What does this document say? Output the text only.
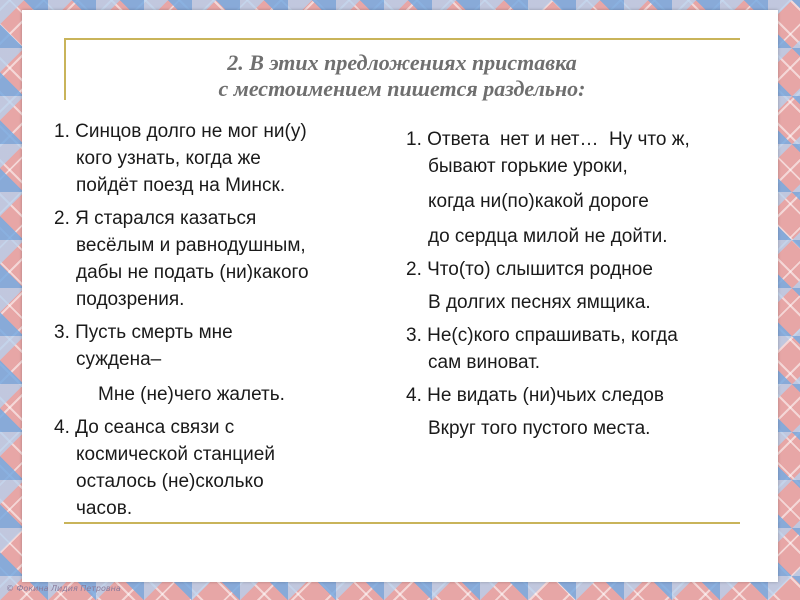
2. В этих предложениях приставка
с местоимением пишется раздельно:
1. Синцов долго не мог ни(у)
кого узнать, когда же
пойдёт поезд на Минск.
2. Я старался казаться
весёлым и равнодушным,
дабы не подать (ни)какого
подозрения.
3. Пусть смерть мне
суждена–
Мне (не)чего жалеть.
4. До сеанса связи с
космической станцией
осталось (не)сколько
часов.
1. Ответа  нет и нет…  Ну что ж,
бывают горькие уроки,
когда ни(по)какой дороге
до сердца милой не дойти.
2. Что(то) слышится родное
В долгих песнях ямщика.
3. Не(с)кого спрашивать, когда
сам виноват.
4. Не видать (ни)чьих следов
Вкруг того пустого места.
© Фокина Лидия Петровна
